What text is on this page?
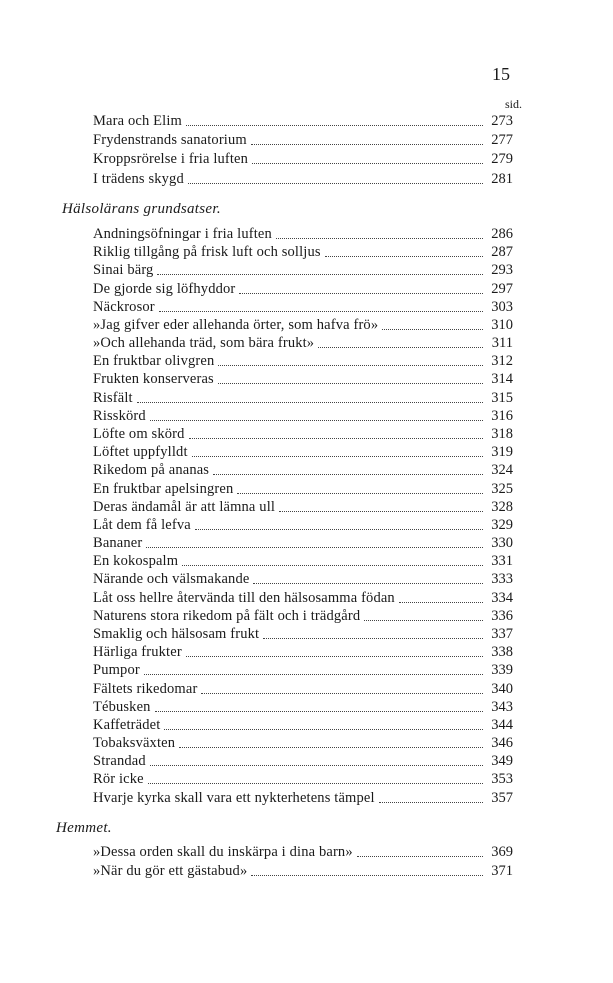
15
sid.
Mara och Elim	273
Frydenstrands sanatorium	277
Kroppsrörelse i fria luften	279
I trädens skygd	281
Hälsolärans grundsatser.
Andningsöfningar i fria luften	286
Riklig tillgång på frisk luft och solljus	287
Sinai bärg	293
De gjorde sig löfhyddor	297
Näckrosor	303
»Jag gifver eder allehanda örter, som hafva frö»	310
»Och allehanda träd, som bära frukt»	311
En fruktbar olivgren	312
Frukten konserveras	314
Risfält	315
Risskörd	316
Löfte om skörd	318
Löftet uppfylldt	319
Rikedom på ananas	324
En fruktbar apelsingren	325
Deras ändamål är att lämna ull	328
Låt dem få lefva	329
Bananer	330
En kokospalm	331
Närande och välsmakande	333
Låt oss hellre återvända till den hälsosamma födan	334
Naturens stora rikedom på fält och i trädgård	336
Smaklig och hälsosam frukt	337
Härliga frukter	338
Pumpor	339
Fältets rikedomar	340
Tébusken	343
Kaffeträdet	344
Tobaksväxten	346
Strandad	349
Rör icke	353
Hvarje kyrka skall vara ett nykterhetens tämpel	357
Hemmet.
»Dessa orden skall du inskärpa i dina barn»	369
»När du gör ett gästabud»	371
